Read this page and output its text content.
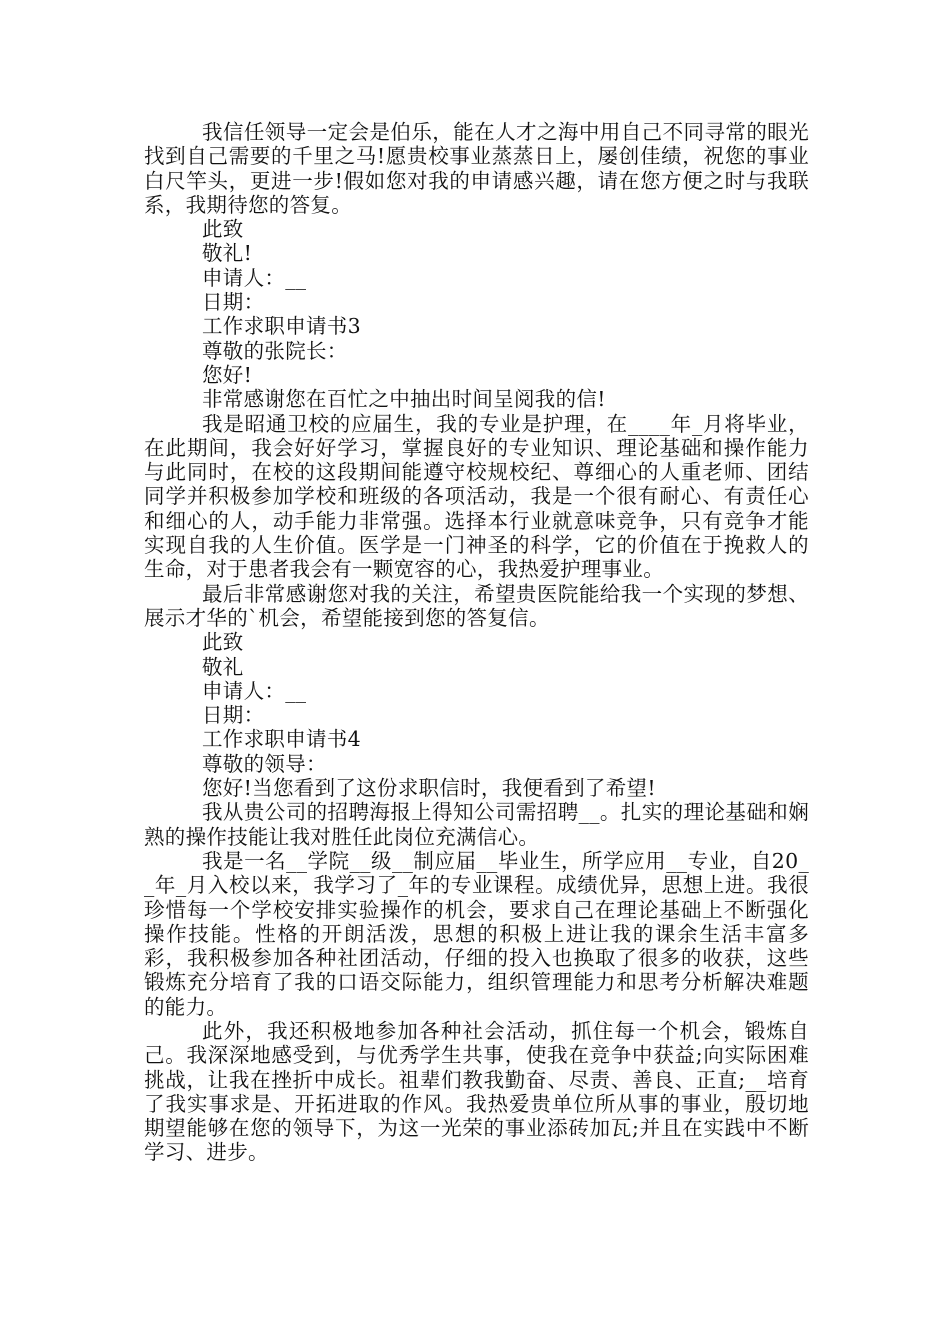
我信任领导一定会是伯乐，能在人才之海中用自己不同寻常的眼光找到自己需要的千里之马!愿贵校事业蒸蒸日上，屡创佳绩，祝您的事业白尺竿头，更进一步!假如您对我的申请感兴趣，请在您方便之时与我联系，我期待您的答复。

此致

敬礼!

申请人：__

日期：

工作求职申请书3

尊敬的张院长：

您好!

非常感谢您在百忙之中抽出时间呈阅我的信!

我是昭通卫校的应届生，我的专业是护理，在____年_月将毕业，在此期间，我会好好学习，掌握良好的专业知识、理论基础和操作能力与此同时，在校的这段期间能遵守校规校纪、尊细心的人重老师、团结同学并积极参加学校和班级的各项活动，我是一个很有耐心、有责任心和细心的人，动手能力非常强。选择本行业就意味竞争，只有竞争才能实现自我的人生价值。医学是一门神圣的科学，它的价值在于挽救人的生命，对于患者我会有一颗宽容的心，我热爱护理事业。

最后非常感谢您对我的关注，希望贵医院能给我一个实现的梦想、展示才华的`机会，希望能接到您的答复信。

此致

敬礼

申请人：__

日期：

工作求职申请书4

尊敬的领导：

您好!当您看到了这份求职信时，我便看到了希望!

我从贵公司的招聘海报上得知公司需招聘__。扎实的理论基础和娴熟的操作技能让我对胜任此岗位充满信心。

我是一名__学院__级__制应届__毕业生，所学应用__专业，自20__年_月入校以来，我学习了_年的专业课程。成绩优异，思想上进。我很珍惜每一个学校安排实验操作的机会，要求自己在理论基础上不断强化操作技能。性格的开朗活泼，思想的积极上进让我的课余生活丰富多彩，我积极参加各种社团活动，仔细的投入也换取了很多的收获，这些锻炼充分培育了我的口语交际能力，组织管理能力和思考分析解决难题的能力。

此外，我还积极地参加各种社会活动，抓住每一个机会，锻炼自己。我深深地感受到，与优秀学生共事，使我在竞争中获益;向实际困难挑战，让我在挫折中成长。祖辈们教我勤奋、尽责、善良、正直;__培育了我实事求是、开拓进取的作风。我热爱贵单位所从事的事业，殷切地期望能够在您的领导下，为这一光荣的事业添砖加瓦;并且在实践中不断学习、进步。
